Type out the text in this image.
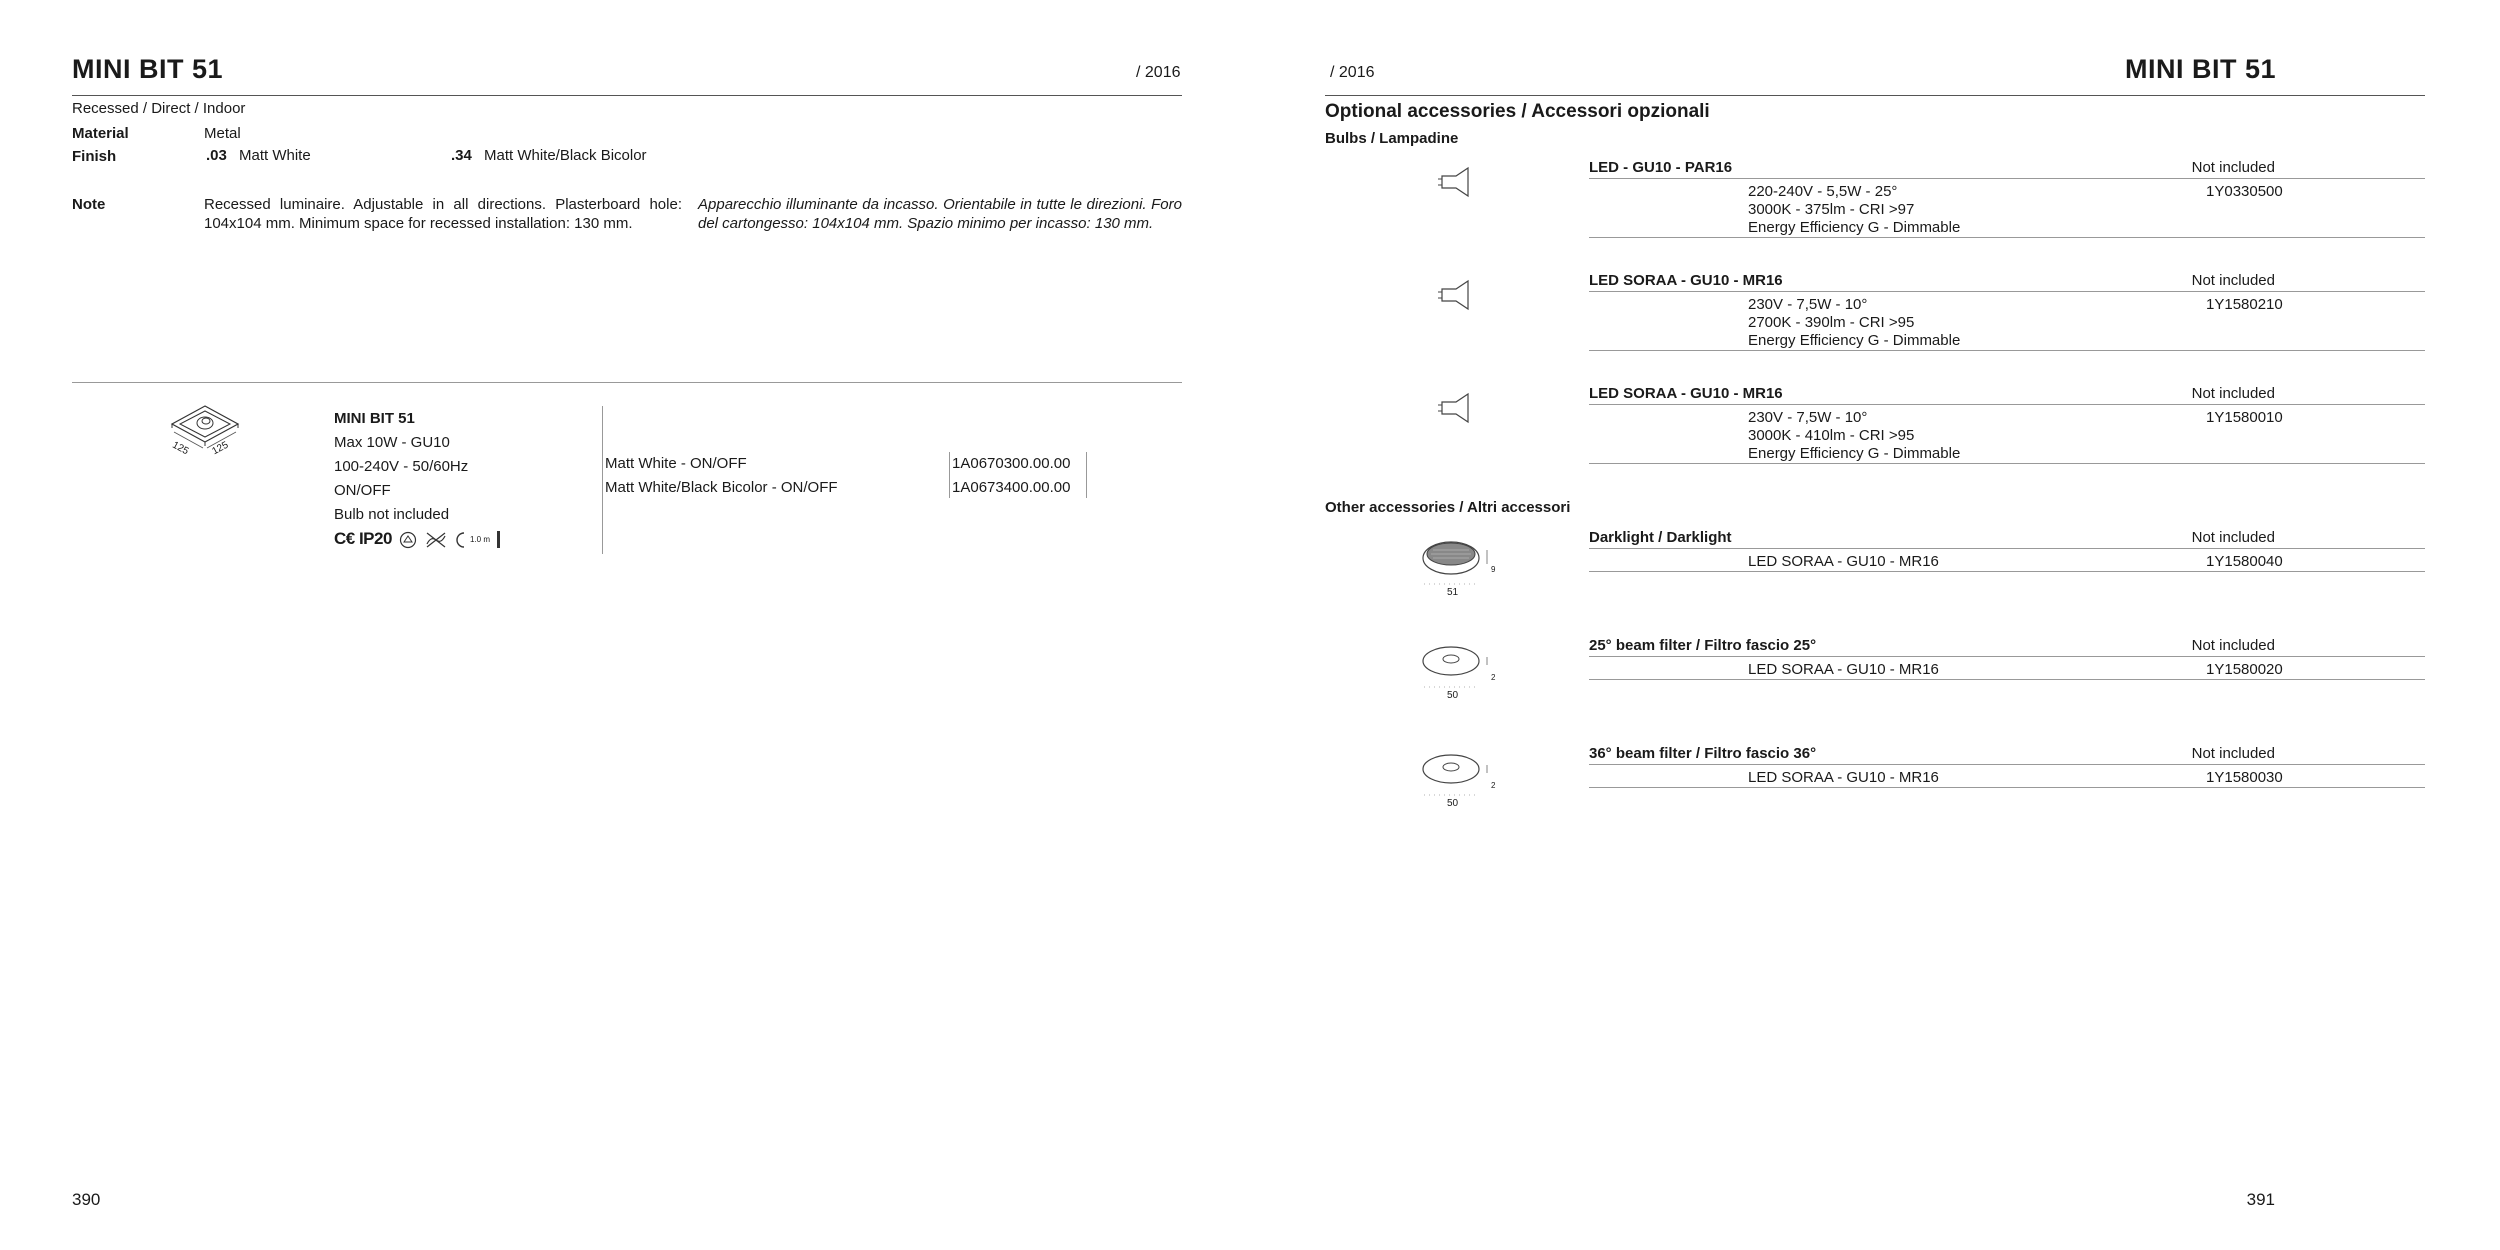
MINI BIT 51	/ 2016
Recessed / Direct / Indoor
Material	Metal
Finish	.03 Matt White	.34 Matt White/Black Bicolor
Note	Recessed luminaire. Adjustable in all directions. Plasterboard hole: 104x104 mm. Minimum space for recessed installation: 130 mm.
Apparecchio illuminante da incasso. Orientabile in tutte le direzioni. Foro del cartongesso: 104x104 mm. Spazio minimo per incasso: 130 mm.
125 125
MINI BIT 51
Max 10W - GU10
100-240V - 50/60Hz
ON/OFF
Bulb not included
C€ IP20	1.0 m
Matt White - ON/OFF	1A0670300.00.00
Matt White/Black Bicolor - ON/OFF	1A0673400.00.00
390
/ 2016	MINI BIT 51
Optional accessories / Accessori opzionali
Bulbs / Lampadine
LED - GU10 - PAR16	Not included
220-240V - 5,5W - 25°
3000K - 375lm - CRI >97
Energy Efficiency G - Dimmable
1Y0330500
LED SORAA - GU10 - MR16	Not included
230V - 7,5W - 10°
2700K - 390lm - CRI >95
Energy Efficiency G - Dimmable
1Y1580210
LED SORAA - GU10 - MR16	Not included
230V - 7,5W - 10°
3000K - 410lm - CRI >95
Energy Efficiency G - Dimmable
1Y1580010
Other accessories / Altri accessori
51
9
Darklight / Darklight	Not included
LED SORAA - GU10 - MR16	1Y1580040
50
2
25° beam filter / Filtro fascio 25°	Not included
LED SORAA - GU10 - MR16	1Y1580020
50
2
36° beam filter / Filtro fascio 36°	Not included
LED SORAA - GU10 - MR16	1Y1580030
391
